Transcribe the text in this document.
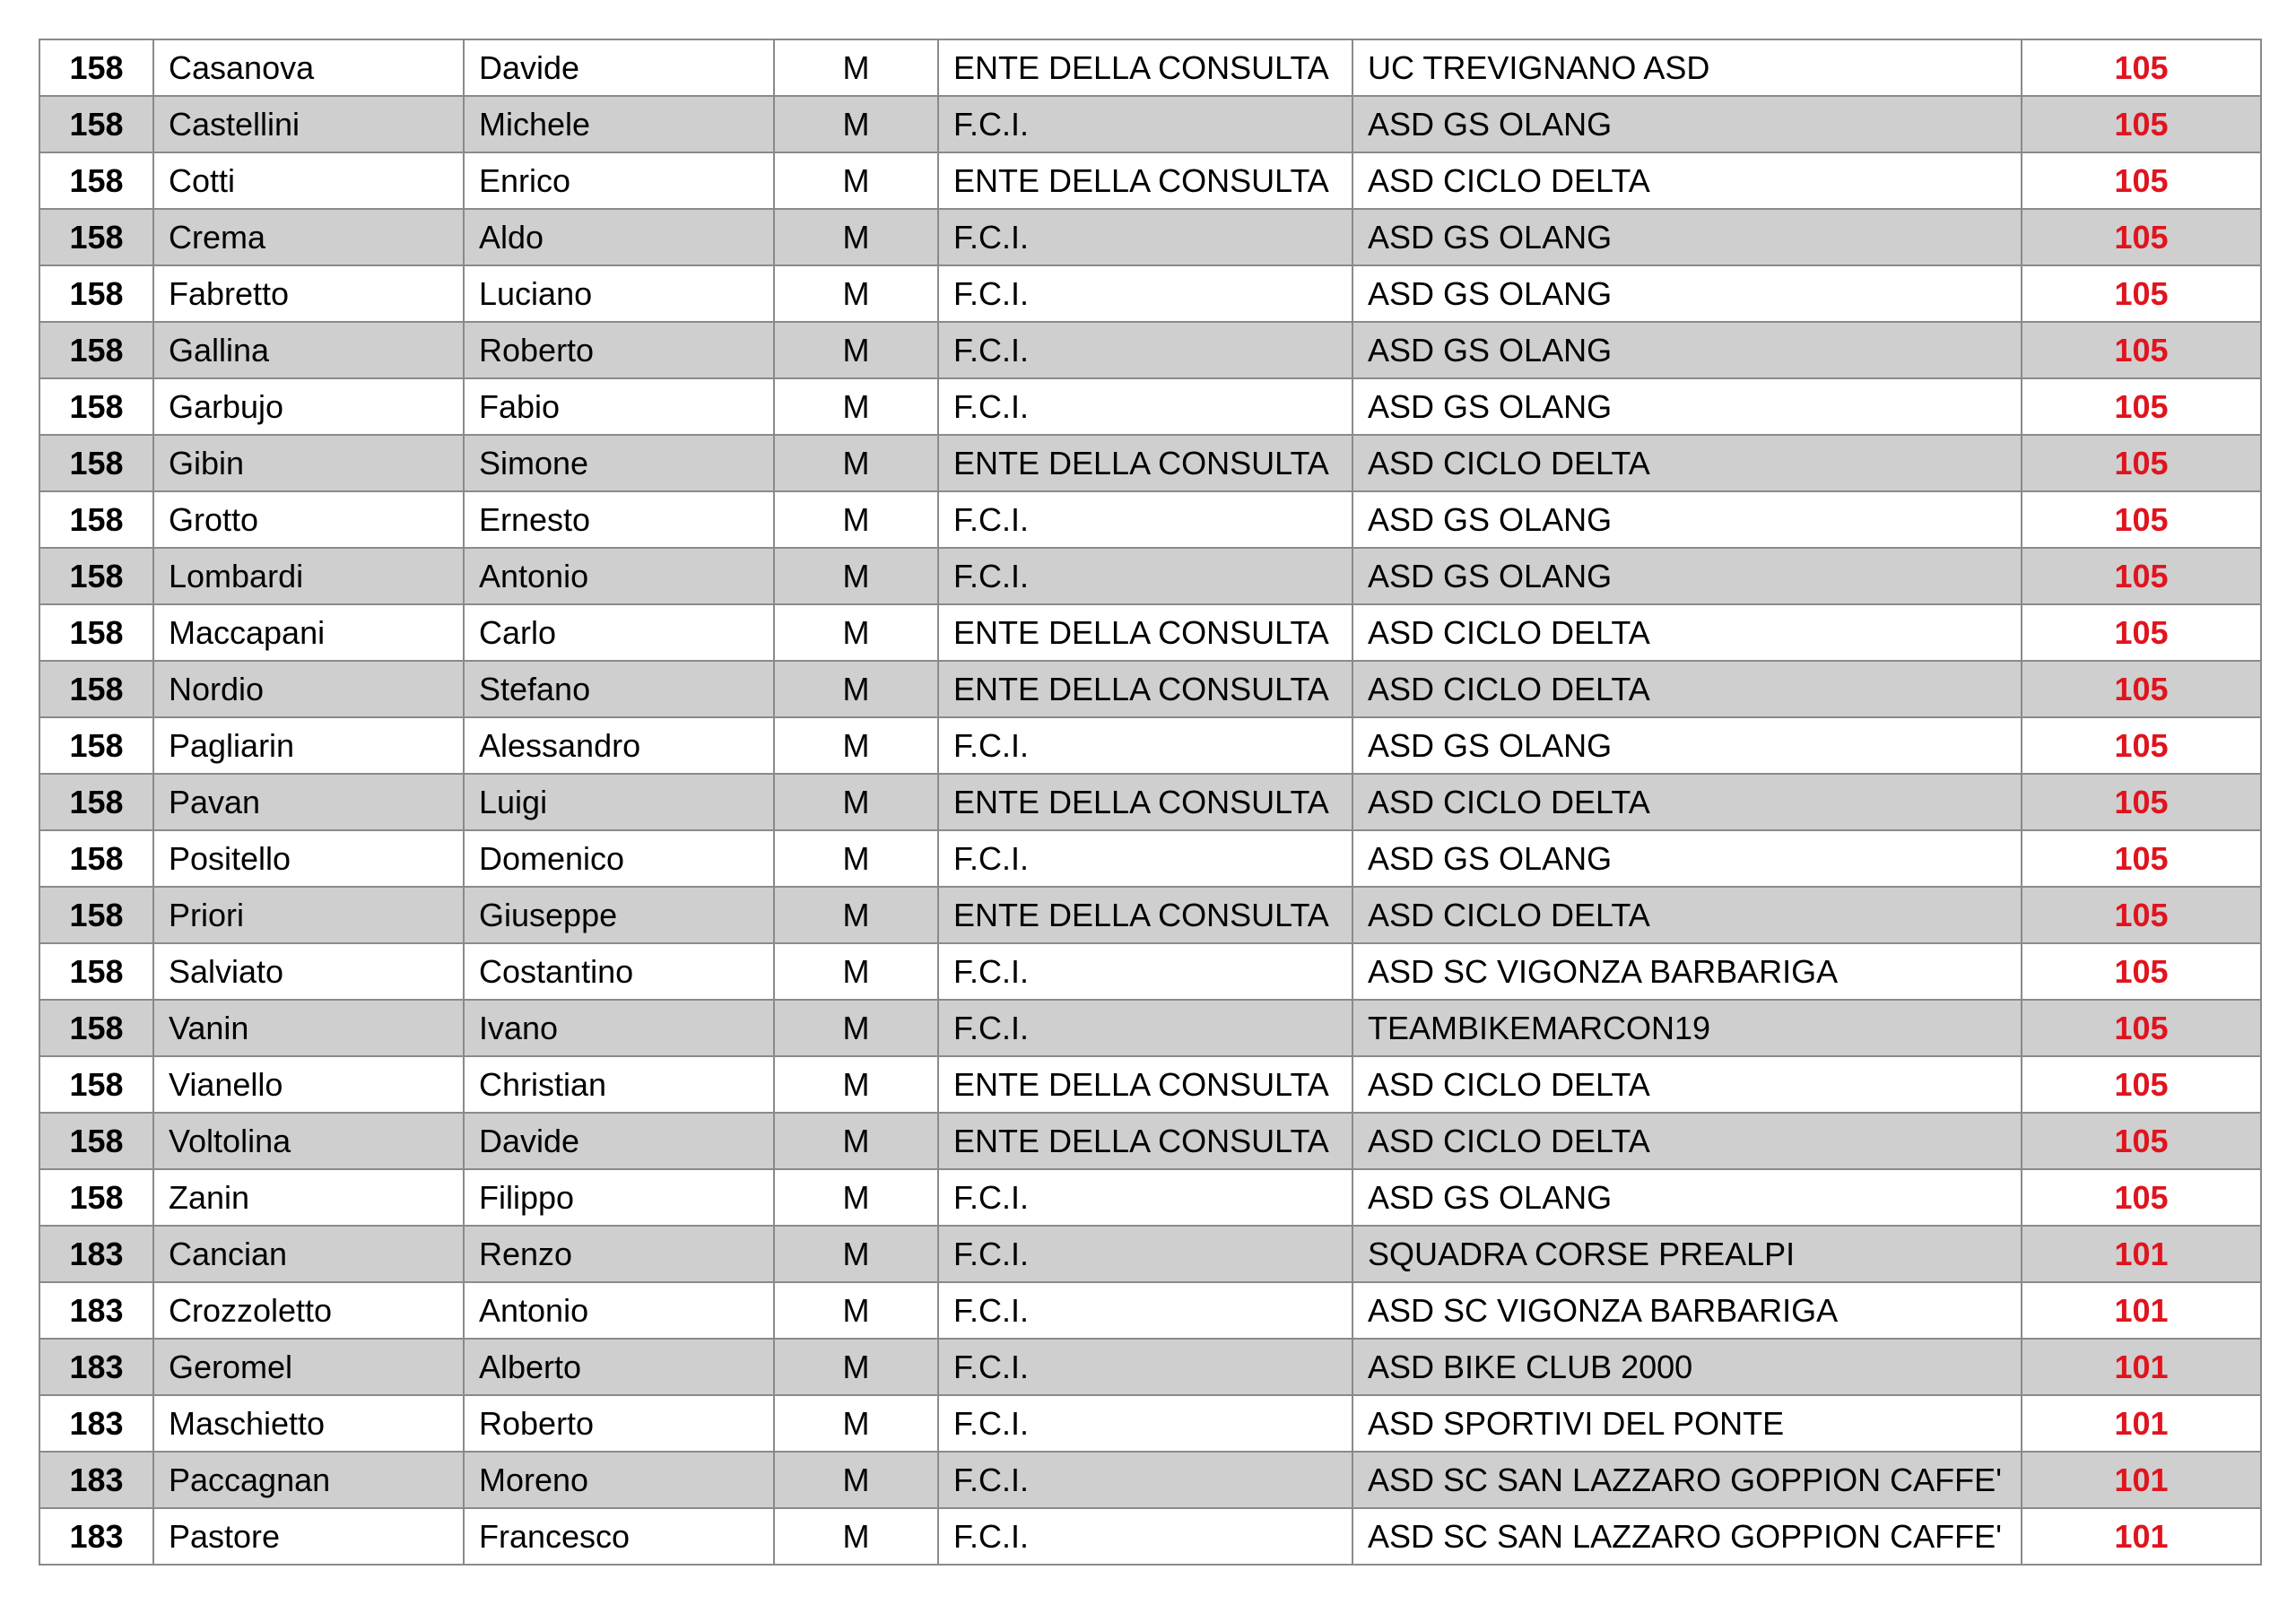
158	Casanova	Davide	M	ENTE DELLA CONSULTA	UC TREVIGNANO ASD	105
158	Castellini	Michele	M	F.C.I.	ASD GS OLANG	105
158	Cotti	Enrico	M	ENTE DELLA CONSULTA	ASD CICLO DELTA	105
158	Crema	Aldo	M	F.C.I.	ASD GS OLANG	105
158	Fabretto	Luciano	M	F.C.I.	ASD GS OLANG	105
158	Gallina	Roberto	M	F.C.I.	ASD GS OLANG	105
158	Garbujo	Fabio	M	F.C.I.	ASD GS OLANG	105
158	Gibin	Simone	M	ENTE DELLA CONSULTA	ASD CICLO DELTA	105
158	Grotto	Ernesto	M	F.C.I.	ASD GS OLANG	105
158	Lombardi	Antonio	M	F.C.I.	ASD GS OLANG	105
158	Maccapani	Carlo	M	ENTE DELLA CONSULTA	ASD CICLO DELTA	105
158	Nordio	Stefano	M	ENTE DELLA CONSULTA	ASD CICLO DELTA	105
158	Pagliarin	Alessandro	M	F.C.I.	ASD GS OLANG	105
158	Pavan	Luigi	M	ENTE DELLA CONSULTA	ASD CICLO DELTA	105
158	Positello	Domenico	M	F.C.I.	ASD GS OLANG	105
158	Priori	Giuseppe	M	ENTE DELLA CONSULTA	ASD CICLO DELTA	105
158	Salviato	Costantino	M	F.C.I.	ASD SC VIGONZA BARBARIGA	105
158	Vanin	Ivano	M	F.C.I.	TEAMBIKEMARCON19	105
158	Vianello	Christian	M	ENTE DELLA CONSULTA	ASD CICLO DELTA	105
158	Voltolina	Davide	M	ENTE DELLA CONSULTA	ASD CICLO DELTA	105
158	Zanin	Filippo	M	F.C.I.	ASD GS OLANG	105
183	Cancian	Renzo	M	F.C.I.	SQUADRA CORSE PREALPI	101
183	Crozzoletto	Antonio	M	F.C.I.	ASD SC VIGONZA BARBARIGA	101
183	Geromel	Alberto	M	F.C.I.	ASD BIKE CLUB 2000	101
183	Maschietto	Roberto	M	F.C.I.	ASD SPORTIVI DEL PONTE	101
183	Paccagnan	Moreno	M	F.C.I.	ASD SC SAN LAZZARO GOPPION CAFFE'	101
183	Pastore	Francesco	M	F.C.I.	ASD SC SAN LAZZARO GOPPION CAFFE'	101
